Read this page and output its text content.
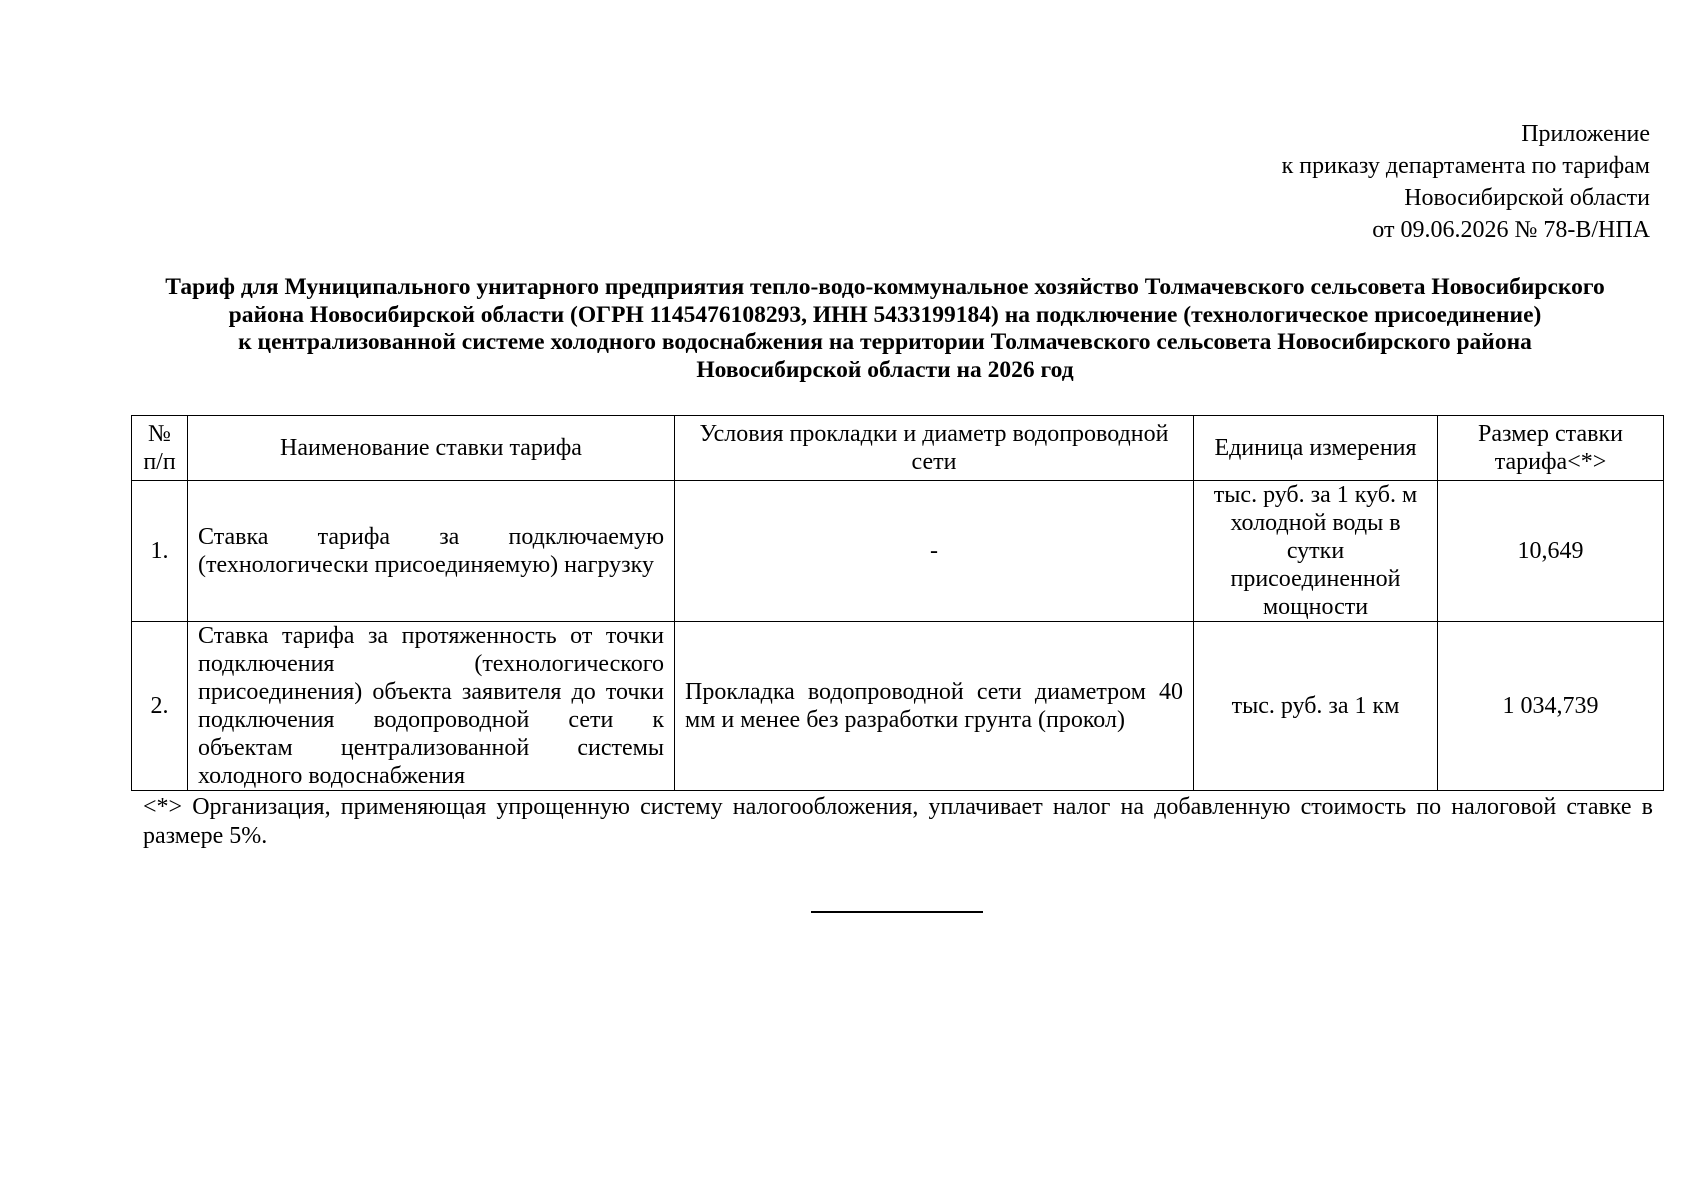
Приложение
к приказу департамента по тарифам
Новосибирской области
от 09.06.2026 № 78-В/НПА
Тариф для Муниципального унитарного предприятия тепло-водо-коммунальное хозяйство Толмачевского сельсовета Новосибирского
района Новосибирской области (ОГРН 1145476108293, ИНН 5433199184) на подключение (технологическое присоединение)
к централизованной системе холодного водоснабжения на территории Толмачевского сельсовета Новосибирского района
Новосибирской области на 2026 год
№ п/п	Наименование ставки тарифа	Условия прокладки и диаметр водопроводной сети	Единица измерения	Размер ставки тарифа<*>
1.	Ставка тарифа за подключаемую (технологически присоединяемую) нагрузку	-	тыс. руб. за 1 куб. м холодной воды в сутки присоединенной мощности	10,649
2.	Ставка тарифа за протяженность от точки подключения (технологического присоединения) объекта заявителя до точки подключения водопроводной сети к объектам централизованной системы холодного водоснабжения	Прокладка водопроводной сети диаметром 40 мм и менее без разработки грунта (прокол)	тыс. руб. за 1 км	1 034,739
<*> Организация, применяющая упрощенную систему налогообложения, уплачивает налог на добавленную стоимость по налоговой ставке в размере 5%.
